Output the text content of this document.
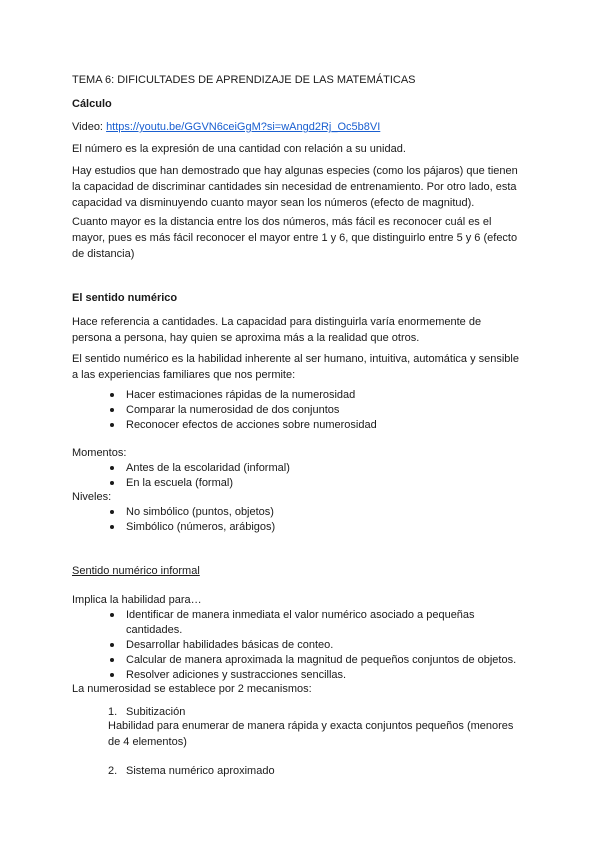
TEMA 6: DIFICULTADES DE APRENDIZAJE DE LAS MATEMÁTICAS
Cálculo
Video: https://youtu.be/GGVN6ceiGgM?si=wAngd2Rj_Oc5b8VI
El número es la expresión de una cantidad con relación a su unidad.
Hay estudios que han demostrado que hay algunas especies (como los pájaros) que tienen
la capacidad de discriminar cantidades sin necesidad de entrenamiento. Por otro lado, esta
capacidad va disminuyendo cuanto mayor sean los números (efecto de magnitud).
Cuanto mayor es la distancia entre los dos números, más fácil es reconocer cuál es el
mayor, pues es más fácil reconocer el mayor entre 1 y 6, que distinguirlo entre 5 y 6 (efecto
de distancia)
El sentido numérico
Hace referencia a cantidades. La capacidad para distinguirla varía enormemente de
persona a persona, hay quien se aproxima más a la realidad que otros.
El sentido numérico es la habilidad inherente al ser humano, intuitiva, automática y sensible
a las experiencias familiares que nos permite:
Hacer estimaciones rápidas de la numerosidad
Comparar la numerosidad de dos conjuntos
Reconocer efectos de acciones sobre numerosidad
Momentos:
Antes de la escolaridad (informal)
En la escuela (formal)
Niveles:
No simbólico (puntos, objetos)
Simbólico (números, arábigos)
Sentido numérico informal
Implica la habilidad para…
Identificar de manera inmediata el valor numérico asociado a pequeñas
cantidades.
Desarrollar habilidades básicas de conteo.
Calcular de manera aproximada la magnitud de pequeños conjuntos de objetos.
Resolver adiciones y sustracciones sencillas.
La numerosidad se establece por 2 mecanismos:
1. Subitización
Habilidad para enumerar de manera rápida y exacta conjuntos pequeños (menores
de 4 elementos)
2. Sistema numérico aproximado
